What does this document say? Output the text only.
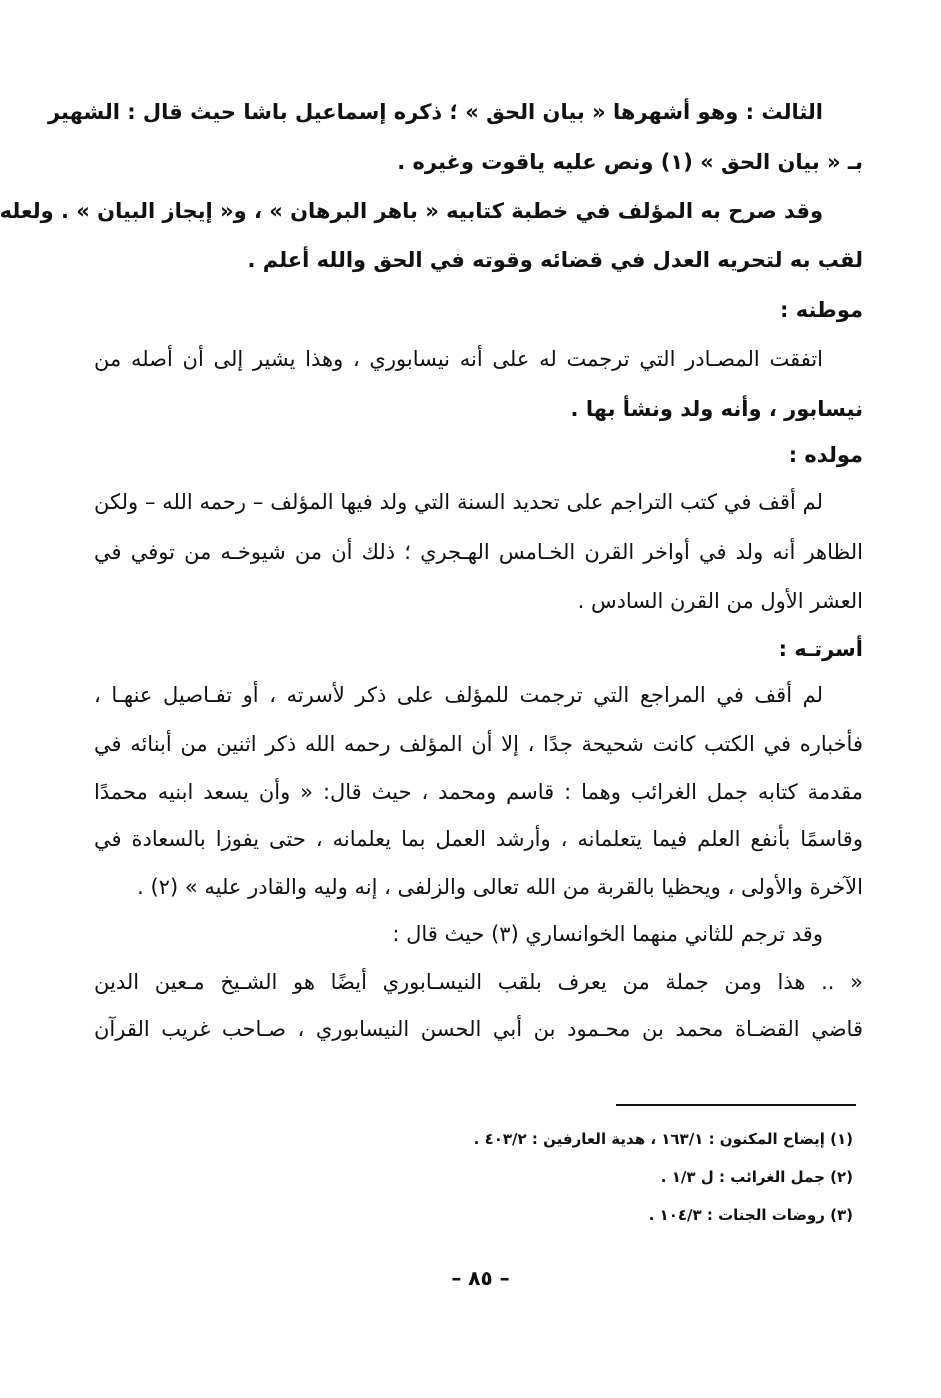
الثالث : وهو أشهرها « بيان الحق » ؛ ذكره إسماعيل باشا حيث قال : الشهير
بـ « بيان الحق » (١) ونص عليه ياقوت وغيره .
وقد صرح به المؤلف في خطبة كتابيه « باهر البرهان » ، و« إيجاز البيان » . ولعله
لقب به لتحريه العدل في قضائه وقوته في الحق والله أعلم .
موطنه :
اتفقت المصـادر التي ترجمت له على أنه نيسابوري ، وهذا يشير إلى أن أصله من
نيسابور ، وأنه ولد ونشأ بها .
مولده :
لم أقف في كتب التراجم على تحديد السنة التي ولد فيها المؤلف – رحمه الله – ولكن
الظاهر أنه ولد في أواخر القرن الخـامس الهـجري ؛ ذلك أن من شيوخـه من توفي في
العشر الأول من القرن السادس .
أسرتـه :
لم أقف في المراجع التي ترجمت للمؤلف على ذكر لأسرته ، أو تفـاصيل عنهـا ،
فأخباره في الكتب كانت شحيحة جدًا ، إلا أن المؤلف رحمه الله ذكر اثنين من أبنائه في
مقدمة كتابه جمل الغرائب وهما : قاسم ومحمد ، حيث قال: « وأن يسعد ابنيه محمدًا
وقاسمًا بأنفع العلم فيما يتعلمانه ، وأرشد العمل بما يعلمانه ، حتى يفوزا بالسعادة في
الآخرة والأولى ، ويحظيا بالقربة من الله تعالى والزلفى ، إنه وليه والقادر عليه » (٢) .
وقد ترجم للثاني منهما الخوانساري (٣) حيث قال :
« .. هذا ومن جملة من يعرف بلقب النيسـابوري أيضًا هو الشـيخ مـعين الدين
قاضي القضـاة محمد بن محـمود بن أبي الحسن النيسابوري ، صـاحب غريب القرآن
(١) إيضاح المكنون : ١٦٣/١ ، هدية العارفين : ٤٠٣/٢ .
(٢) جمل الغرائب : ل ١/٣ .
(٣) روضات الجنات : ١٠٤/٣ .
– ٨٥ –
